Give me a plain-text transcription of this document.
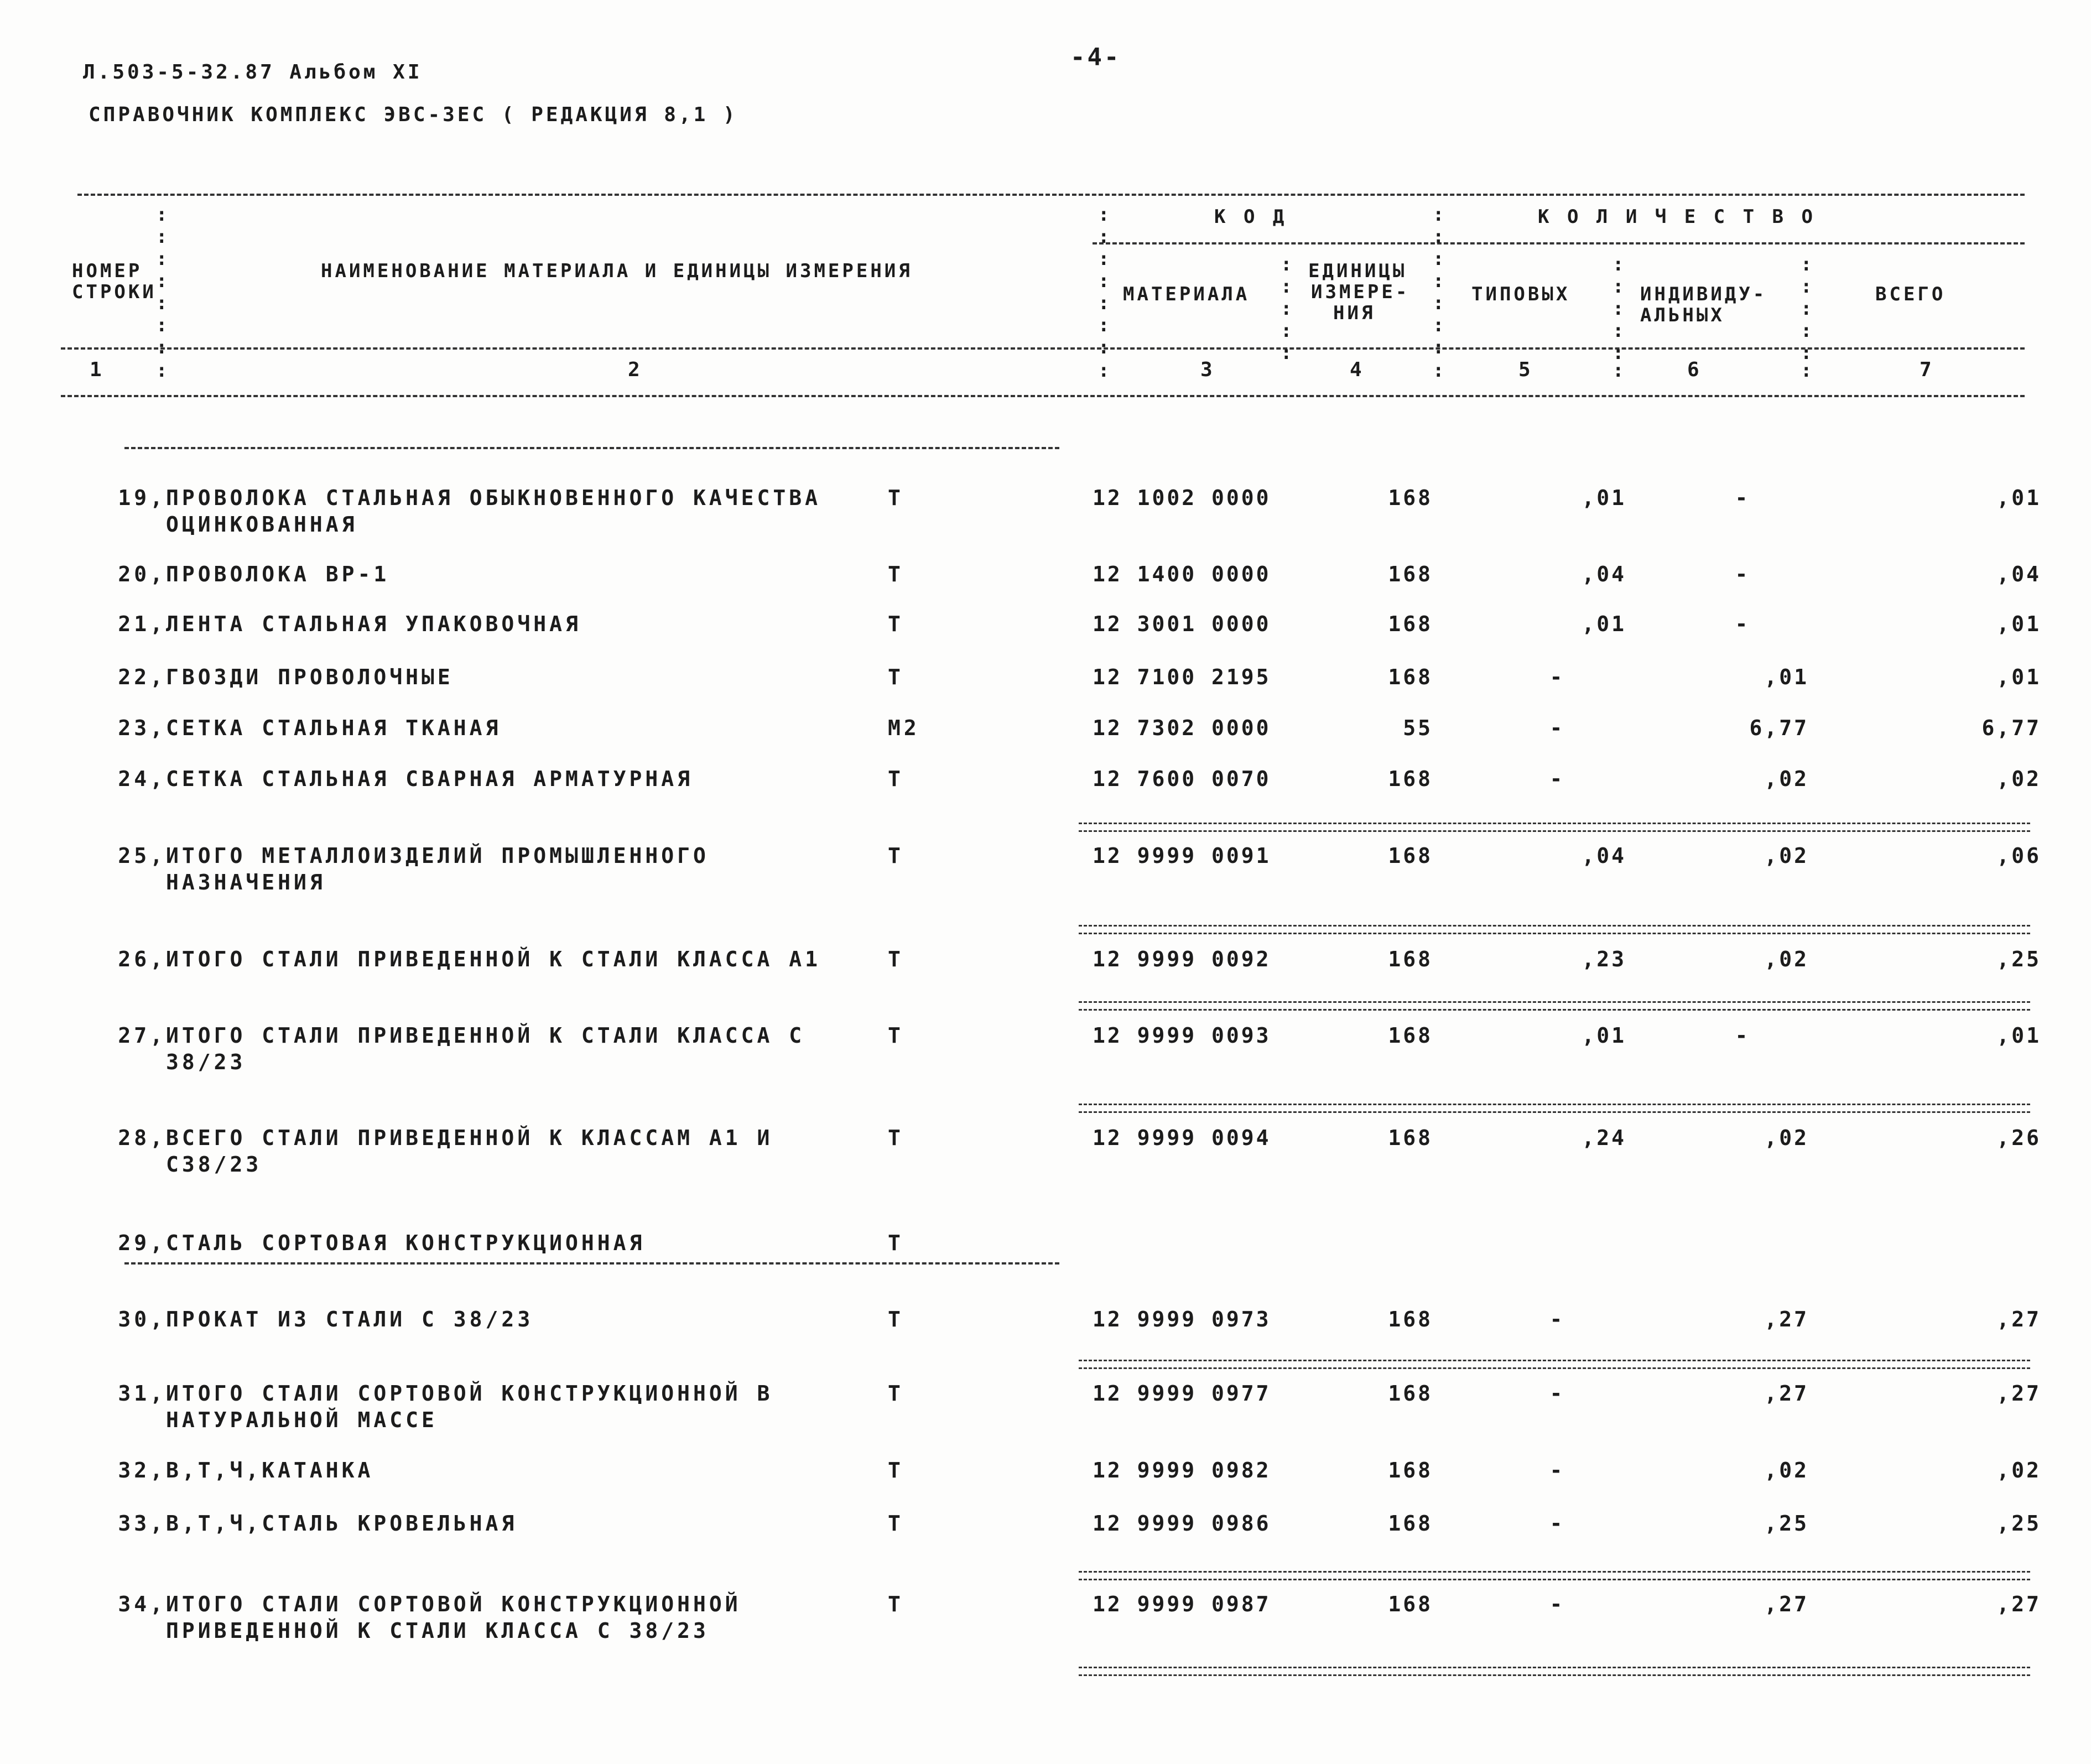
Л.503-5-32.87 Альбом XI
-4-
СПРАВОЧНИК КОМПЛЕКС ЭВС-ЗЕС ( РЕДАКЦИЯ 8,1 )
:
:
:
:
:
:
:
:
:
:
:
:
:
:
:
:
:
:
:
:
:
:
:
:
:
:
:
:
:
:
:
:
:
:
:
:
НОМЕР
СТРОКИ
НАИМЕНОВАНИЕ МАТЕРИАЛА И ЕДИНИЦЫ ИЗМЕРЕНИЯ
К О Д	К О Л И Ч Е С Т В О
МАТЕРИАЛА
ЕДИНИЦЫ
ИЗМЕРЕ-
НИЯ
ТИПОВЫХ	ИНДИВИДУ-
АЛЬНЫХ
ВСЕГО
1	2	3	4	5	6	7
:	:	:	:	:
19, ПРОВОЛОКА СТАЛЬНАЯ ОБЫКНОВЕННОГО КАЧЕСТВА	Т	12 1002 0000	168	,01	-	,01
ОЦИНКОВАННАЯ
20, ПРОВОЛОКА ВР-1	Т	12 1400 0000	168	,04	-	,04
21, ЛЕНТА СТАЛЬНАЯ УПАКОВОЧНАЯ	Т	12 3001 0000	168	,01	-	,01
22, ГВОЗДИ ПРОВОЛОЧНЫЕ	Т	12 7100 2195	168	-	,01	,01
23, СЕТКА СТАЛЬНАЯ ТКАНАЯ	М2	12 7302 0000	55	-	6,77	6,77
24, СЕТКА СТАЛЬНАЯ СВАРНАЯ АРМАТУРНАЯ	Т	12 7600 0070	168	-	,02	,02
25, ИТОГО МЕТАЛЛОИЗДЕЛИЙ ПРОМЫШЛЕННОГО	Т	12 9999 0091	168	,04	,02	,06
НАЗНАЧЕНИЯ
26, ИТОГО СТАЛИ ПРИВЕДЕННОЙ К СТАЛИ КЛАССА А1	Т	12 9999 0092	168	,23	,02	,25
27, ИТОГО СТАЛИ ПРИВЕДЕННОЙ К СТАЛИ КЛАССА С	Т	12 9999 0093	168	,01	-	,01
38/23
28, ВСЕГО СТАЛИ ПРИВЕДЕННОЙ К КЛАССАМ А1 И	Т	12 9999 0094	168	,24	,02	,26
С38/23
29, СТАЛЬ СОРТОВАЯ КОНСТРУКЦИОННАЯ	Т
30, ПРОКАТ ИЗ СТАЛИ С 38/23	Т	12 9999 0973	168	-	,27	,27
31, ИТОГО СТАЛИ СОРТОВОЙ КОНСТРУКЦИОННОЙ В	Т	12 9999 0977	168	-	,27	,27
НАТУРАЛЬНОЙ МАССЕ
32, В,Т,Ч,КАТАНКА	Т	12 9999 0982	168	-	,02	,02
33, В,Т,Ч,СТАЛЬ КРОВЕЛЬНАЯ	Т	12 9999 0986	168	-	,25	,25
34, ИТОГО СТАЛИ СОРТОВОЙ КОНСТРУКЦИОННОЙ	Т	12 9999 0987	168	-	,27	,27
ПРИВЕДЕННОЙ К СТАЛИ КЛАССА С 38/23
